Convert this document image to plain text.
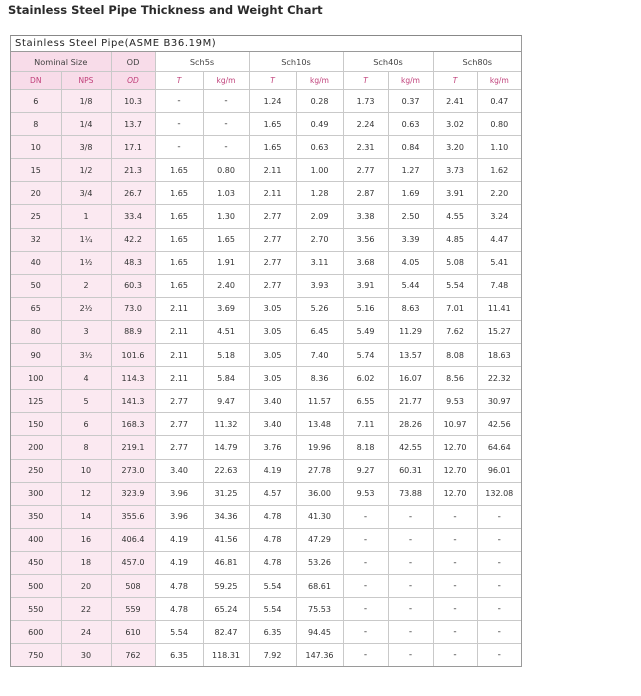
Stainless Steel Pipe Thickness and Weight Chart
Stainless Steel Pipe(ASME B36.19M)
Nominal Size		OD	Sch5s		Sch10s		Sch40s		Sch80s	
DN	NPS	OD	T	kg/m	T	kg/m	T	kg/m	T	kg/m
6	1/8	10.3	-	-	1.24	0.28	1.73	0.37	2.41	0.47
8	1/4	13.7	-	-	1.65	0.49	2.24	0.63	3.02	0.80
10	3/8	17.1	-	-	1.65	0.63	2.31	0.84	3.20	1.10
15	1/2	21.3	1.65	0.80	2.11	1.00	2.77	1.27	3.73	1.62
20	3/4	26.7	1.65	1.03	2.11	1.28	2.87	1.69	3.91	2.20
25	1	33.4	1.65	1.30	2.77	2.09	3.38	2.50	4.55	3.24
32	1¼	42.2	1.65	1.65	2.77	2.70	3.56	3.39	4.85	4.47
40	1½	48.3	1.65	1.91	2.77	3.11	3.68	4.05	5.08	5.41
50	2	60.3	1.65	2.40	2.77	3.93	3.91	5.44	5.54	7.48
65	2½	73.0	2.11	3.69	3.05	5.26	5.16	8.63	7.01	11.41
80	3	88.9	2.11	4.51	3.05	6.45	5.49	11.29	7.62	15.27
90	3½	101.6	2.11	5.18	3.05	7.40	5.74	13.57	8.08	18.63
100	4	114.3	2.11	5.84	3.05	8.36	6.02	16.07	8.56	22.32
125	5	141.3	2.77	9.47	3.40	11.57	6.55	21.77	9.53	30.97
150	6	168.3	2.77	11.32	3.40	13.48	7.11	28.26	10.97	42.56
200	8	219.1	2.77	14.79	3.76	19.96	8.18	42.55	12.70	64.64
250	10	273.0	3.40	22.63	4.19	27.78	9.27	60.31	12.70	96.01
300	12	323.9	3.96	31.25	4.57	36.00	9.53	73.88	12.70	132.08
350	14	355.6	3.96	34.36	4.78	41.30	-	-	-	-
400	16	406.4	4.19	41.56	4.78	47.29	-	-	-	-
450	18	457.0	4.19	46.81	4.78	53.26	-	-	-	-
500	20	508	4.78	59.25	5.54	68.61	-	-	-	-
550	22	559	4.78	65.24	5.54	75.53	-	-	-	-
600	24	610	5.54	82.47	6.35	94.45	-	-	-	-
750	30	762	6.35	118.31	7.92	147.36	-	-	-	-
